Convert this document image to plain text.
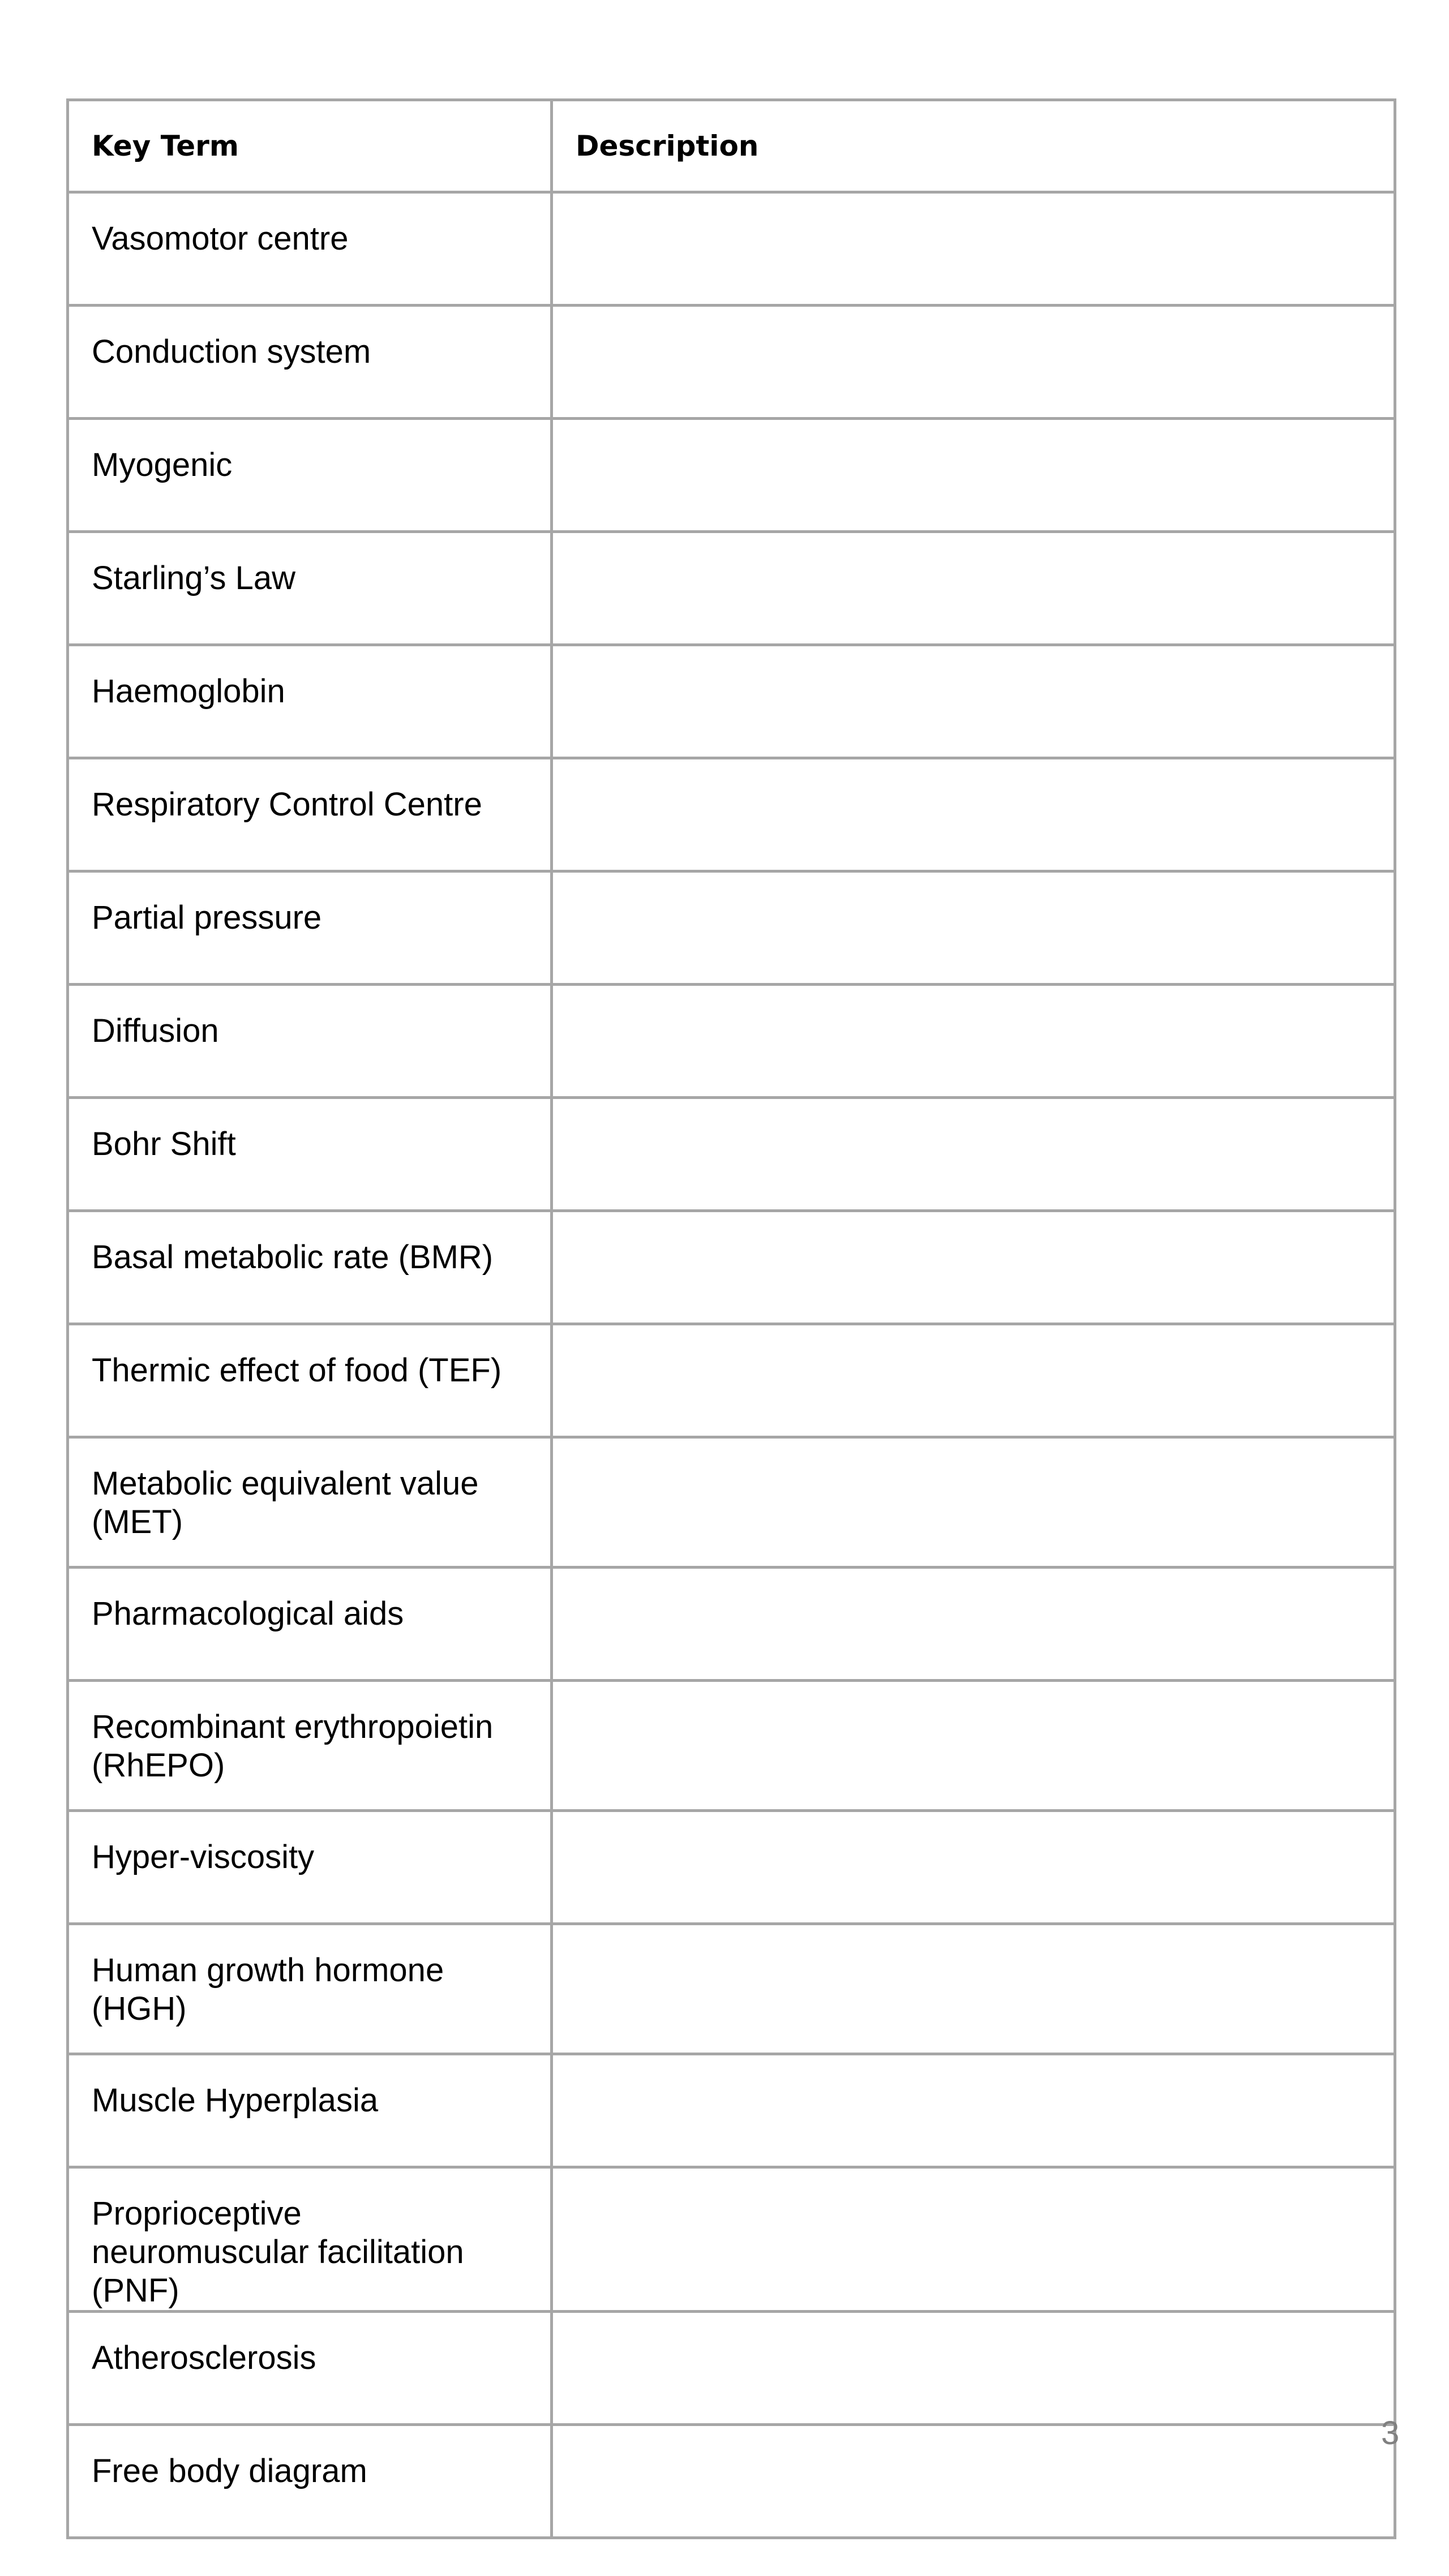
Key Term	Description
Vasomotor centre	
Conduction system	
Myogenic	
Starling’s Law	
Haemoglobin	
Respiratory Control Centre	
Partial pressure	
Diffusion	
Bohr Shift	
Basal metabolic rate (BMR)	
Thermic effect of food (TEF)	
Metabolic equivalent value (MET)	
Pharmacological aids	
Recombinant erythropoietin (RhEPO)	
Hyper-viscosity	
Human growth hormone (HGH)	
Muscle Hyperplasia	
Proprioceptive neuromuscular facilitation (PNF)	
Atherosclerosis	
Free body diagram	
3
